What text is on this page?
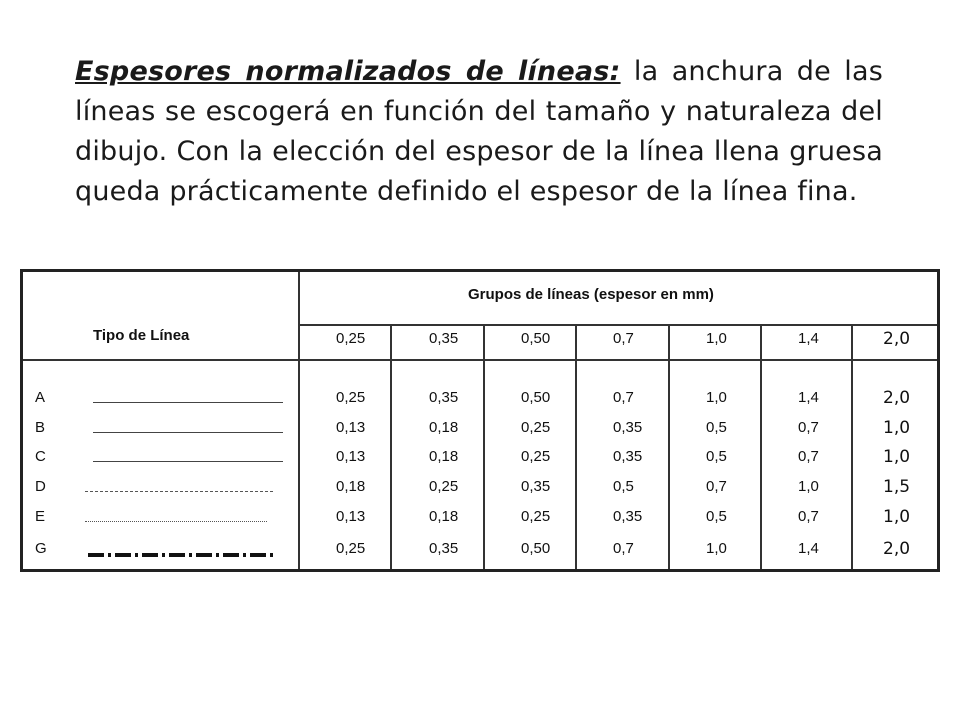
Espesores normalizados de líneas: la anchura de las líneas se escogerá en función del tamaño y naturaleza del dibujo. Con la elección del espesor de la línea llena gruesa queda prácticamente definido el espesor de la línea fina.
Tipo de Línea
Grupos de líneas (espesor en mm)
0,25	0,35	0,50	0,7	1,0	1,4	2,0
A	0,25	0,35	0,50	0,7	1,0	1,4	2,0
B	0,13	0,18	0,25	0,35	0,5	0,7	1,0
C	0,13	0,18	0,25	0,35	0,5	0,7	1,0
D	0,18	0,25	0,35	0,5	0,7	1,0	1,5
E	0,13	0,18	0,25	0,35	0,5	0,7	1,0
G	0,25	0,35	0,50	0,7	1,0	1,4	2,0
